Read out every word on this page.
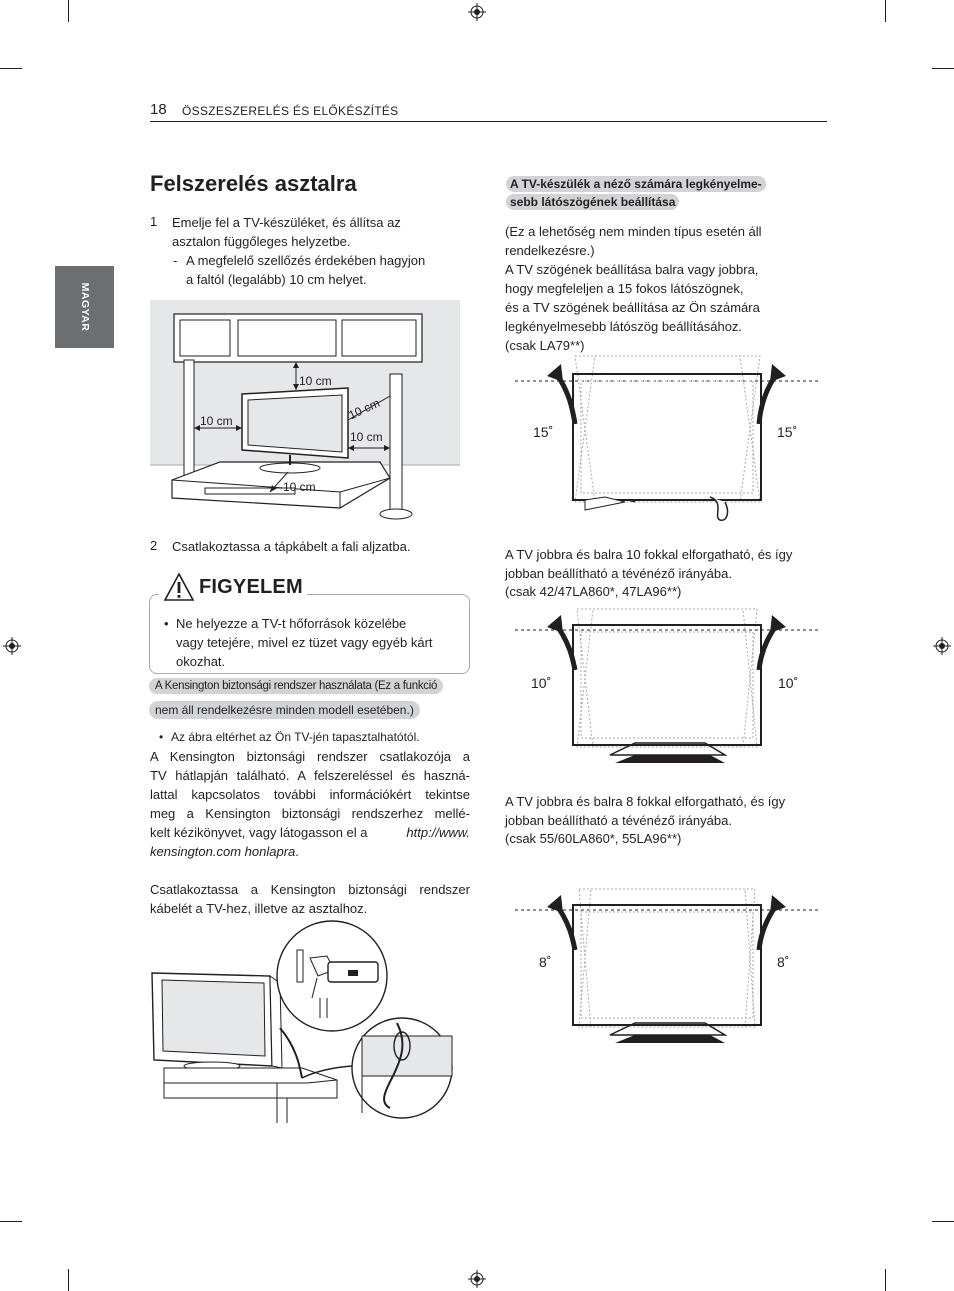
18 ÖSSZESZERELÉS ÉS ELŐKÉSZÍTÉS
MAGYAR
Felszerelés asztalra
1 Emelje fel a TV-készüléket, és állítsa az
asztalon függőleges helyzetbe.
- A megfelelő szellőzés érdekében hagyjon
a faltól (legalább) 10 cm helyet.
10 cm
10 cm	10 cm
10 cm
10 cm
2 Csatlakoztassa a tápkábelt a fali aljzatba.
FIGYELEM
• Ne helyezze a TV-t hőforrások közelébe
vagy tetejére, mivel ez tüzet vagy egyéb kárt
okozhat.
A Kensington biztonsági rendszer használata (Ez a funkció
nem áll rendelkezésre minden modell esetében.)
• Az ábra eltérhet az Ön TV-jén tapasztalhatótól.
A Kensington biztonsági rendszer csatlakozója a
TV hátlapján található. A felszereléssel és haszná-
lattal kapcsolatos további információkért tekintse
meg a Kensington biztonsági rendszerhez mellé-
kelt kézikönyvet, vagy látogasson el a	http://www.
kensington.com honlapra.
Csatlakoztassa a Kensington biztonsági rendszer
kábelét a TV-hez, illetve az asztalhoz.
A TV-készülék a néző számára legkényelme-
sebb látószögének beállítása
(Ez a lehetőség nem minden típus esetén áll
rendelkezésre.)
A TV szögének beállítása balra vagy jobbra,
hogy megfeleljen a 15 fokos látószögnek,
és a TV szögének beállítása az Ön számára
legkényelmesebb látószög beállításához.
(csak LA79**)
15˚	15˚
A TV jobbra és balra 10 fokkal elforgatható, és így
jobban beállítható a tévénéző irányába.
(csak 42/47LA860*, 47LA96**)
10˚	10˚
A TV jobbra és balra 8 fokkal elforgatható, és így
jobban beállítható a tévénéző irányába.
(csak 55/60LA860*, 55LA96**)
8˚	8˚
